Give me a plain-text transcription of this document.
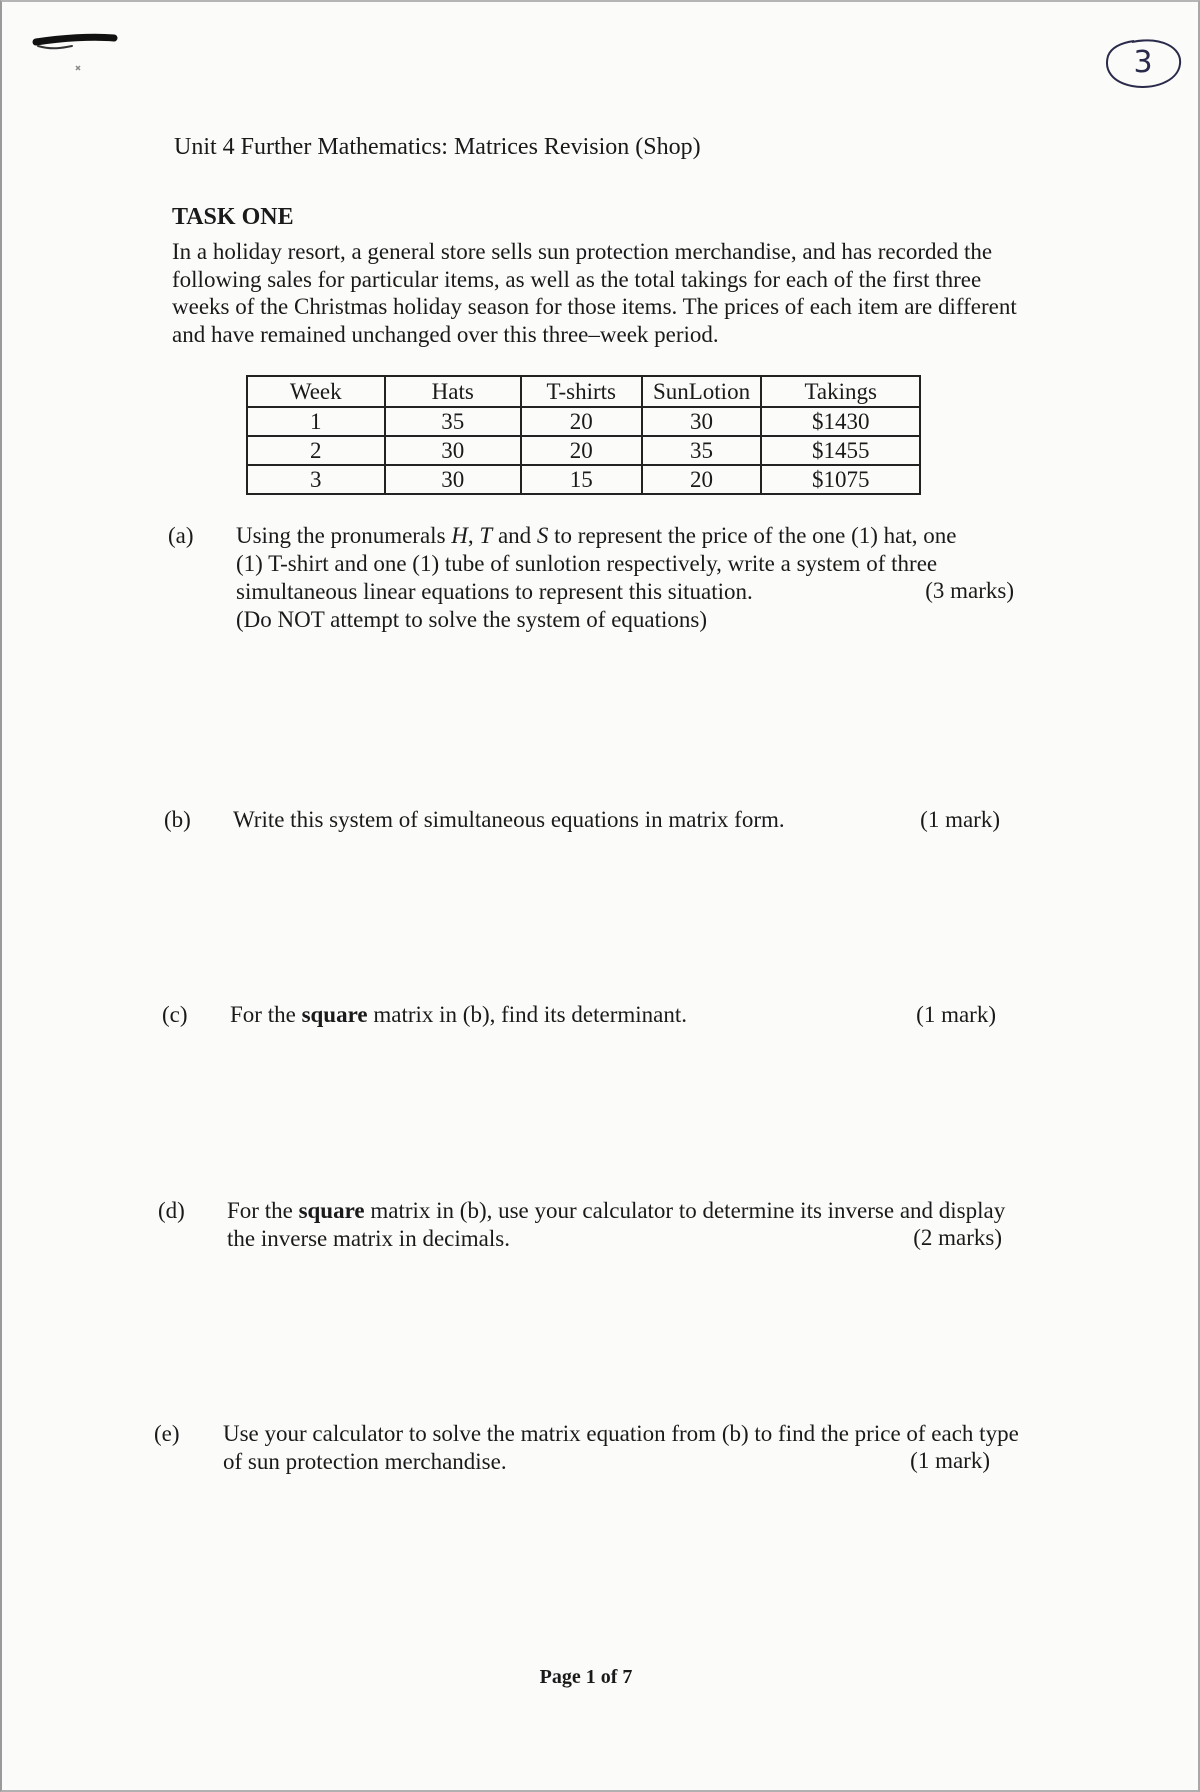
3
Unit 4 Further Mathematics: Matrices Revision (Shop)
TASK ONE
In a holiday resort, a general store sells sun protection merchandise, and has recorded the
following sales for particular items, as well as the total takings for each of the first three
weeks of the Christmas holiday season for those items. The prices of each item are different
and have remained unchanged over this three–week period.
Week	Hats	T-shirts	SunLotion	Takings
1	35	20	30	$1430
2	30	20	35	$1455
3	30	15	20	$1075
(a) Using the pronumerals H, T and S to represent the price of the one (1) hat, one
(1) T-shirt and one (1) tube of sunlotion respectively, write a system of three
simultaneous linear equations to represent this situation.
(Do NOT attempt to solve the system of equations)
(3 marks)
(b) Write this system of simultaneous equations in matrix form.	(1 mark)
(c) For the square matrix in (b), find its determinant.	(1 mark)
(d) For the square matrix in (b), use your calculator to determine its inverse and display
the inverse matrix in decimals.	(2 marks)
(e) Use your calculator to solve the matrix equation from (b) to find the price of each type
of sun protection merchandise.	(1 mark)
Page 1 of 7
